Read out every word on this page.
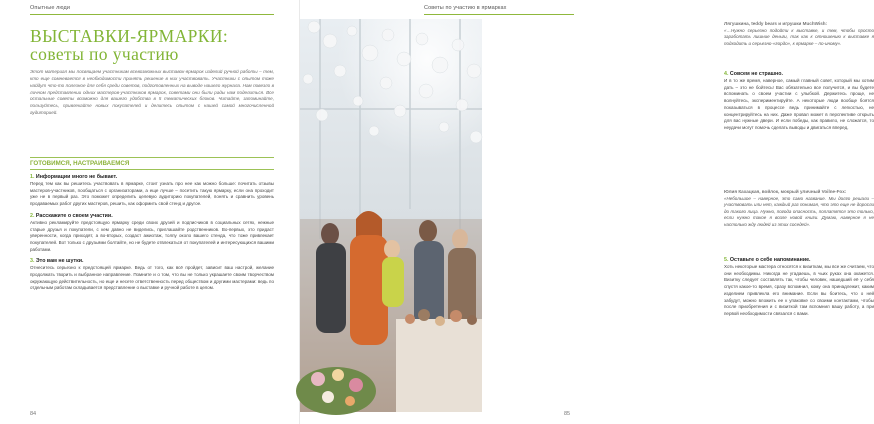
Опытные люди
ВЫСТАВКИ-ЯРМАРКИ:
советы по участию

Этот материал мы посвящаем участникам всевозможных выставок-ярмарок изделий ручной работы – тем, кто еще сомневается в необходимости принять решение в них участвовать. Участники с опытом тоже найдут что-то полезное для себя среди советов, подготовленных на выводе нашего журнала. Нам повезло в личном представлении одних мастеров-участников ярмарок, советами они были рады нам поделиться. Все остальные советы возможно для вашего удобства в 5 тематических блоков. Читайте, запоминайте, пользуйтесь, привлекайте новых покупателей и делитесь опытом с нашей самой многочисленной аудиторией.

ГОТОВИМСЯ, НАСТРАИВАЕМСЯ
1. Информации много не бывает.

Перед тем как вы решитесь участвовать в ярмарке, стоит узнать про нее как можно больше: почитать отзывы мастеров-участников, пообщаться с организаторами, а еще лучше – посетить такую ярмарку, если она проходит уже не в первый раз. Это поможет определить целевую аудиторию покупателей, понять и сравнить уровень продаваемых работ других мастеров, решить, как оформить свой стенд и другое.

2. Расскажите о своем участии.

Активно рекламируйте предстоящую ярмарку среди своих друзей и подписчиков в социальных сетях, нежные старые друзья и покупатели, с кем давно не виделись, приглашайте родственников. Во-первых, это придаст уверенности, когда приходят, а во-вторых, создаст ажиотаж, толпу около вашего стенда, что тоже привлекает покупателей. Вот только с друзьями болтайте, но не будете отвлекаться от покупателей и интересующихся вашими работами.

3. Это вам не шутки.

Отнеситесь серьезно к предстоящей ярмарке. Ведь от того, как всё пройдет, зависит ваш настрой, желание продолжать творить и выбранное направление. Помните и о том, что вы не только украшаете своим творчеством окружающую действительность, но еще и несете ответственность перед обществом и другими мастерами: ведь по отдельным работам складывается представление о выставке и ручной работе в целом.

84
Советы по участию в ярмарках
Лягушкина, teddy bears и игрушки MuchWish:

«…Нужно серьезно подойти к выставке, и тем, чтобы просто заработать лишние деньги, так как к отношению к выставке я подходить и серьезно-«гордо», к ярмарке – по-иному».

4. Совсем не страшно.

И в то же время, наверное, самый главный совет, который мы хотим дать – это не бойтесь! Вас обязательно все получится, и вы будете вспоминать о своем участии с улыбкой. Держитесь проще, не волнуйтесь, экспериментируйте. А некоторые люди вообще боятся показываться в процессе ведь принимайте с легкостью, не концентрируйтесь на них. Даже провал может в перспективе открыть для вас нужные двери. И если победы, как правило, не сложатся, то неудачи могут помочь сделать выводы и двигаться вперед.

Юлия Кахацкая, войлок, мокрый уличный Voilne-Fox:

«Небольшое – наверное, это само название. Мы долго решали – участвовать или нет, каждый раз понимая, что это еще не доросли до такого лица. Нужно, погода опасность, поплатятся это только, если нужно такое я возле новой книги. Думаю, наверное я не настолько жду людей из этих соседей».

5. Оставьте о себе напоминание.

Хоть некоторые мастера относятся к визиткам, мы все же считаем, что они необходимы. Никогда не угадаешь, в чьих руках она окажется. Визитку следует составлять так, чтобы человек, нашедший её у себя спустя какое-то время, сразу вспомнил, кому она принадлежит, каким изделием привлекла его внимание. Если вы боитесь, что о ней забудут, можно вложить ее к упаковке со своими контактами, чтобы после приобретения и с визиткой там вспомнил вашу работу, а при первой необходимости связался с вами.

85
